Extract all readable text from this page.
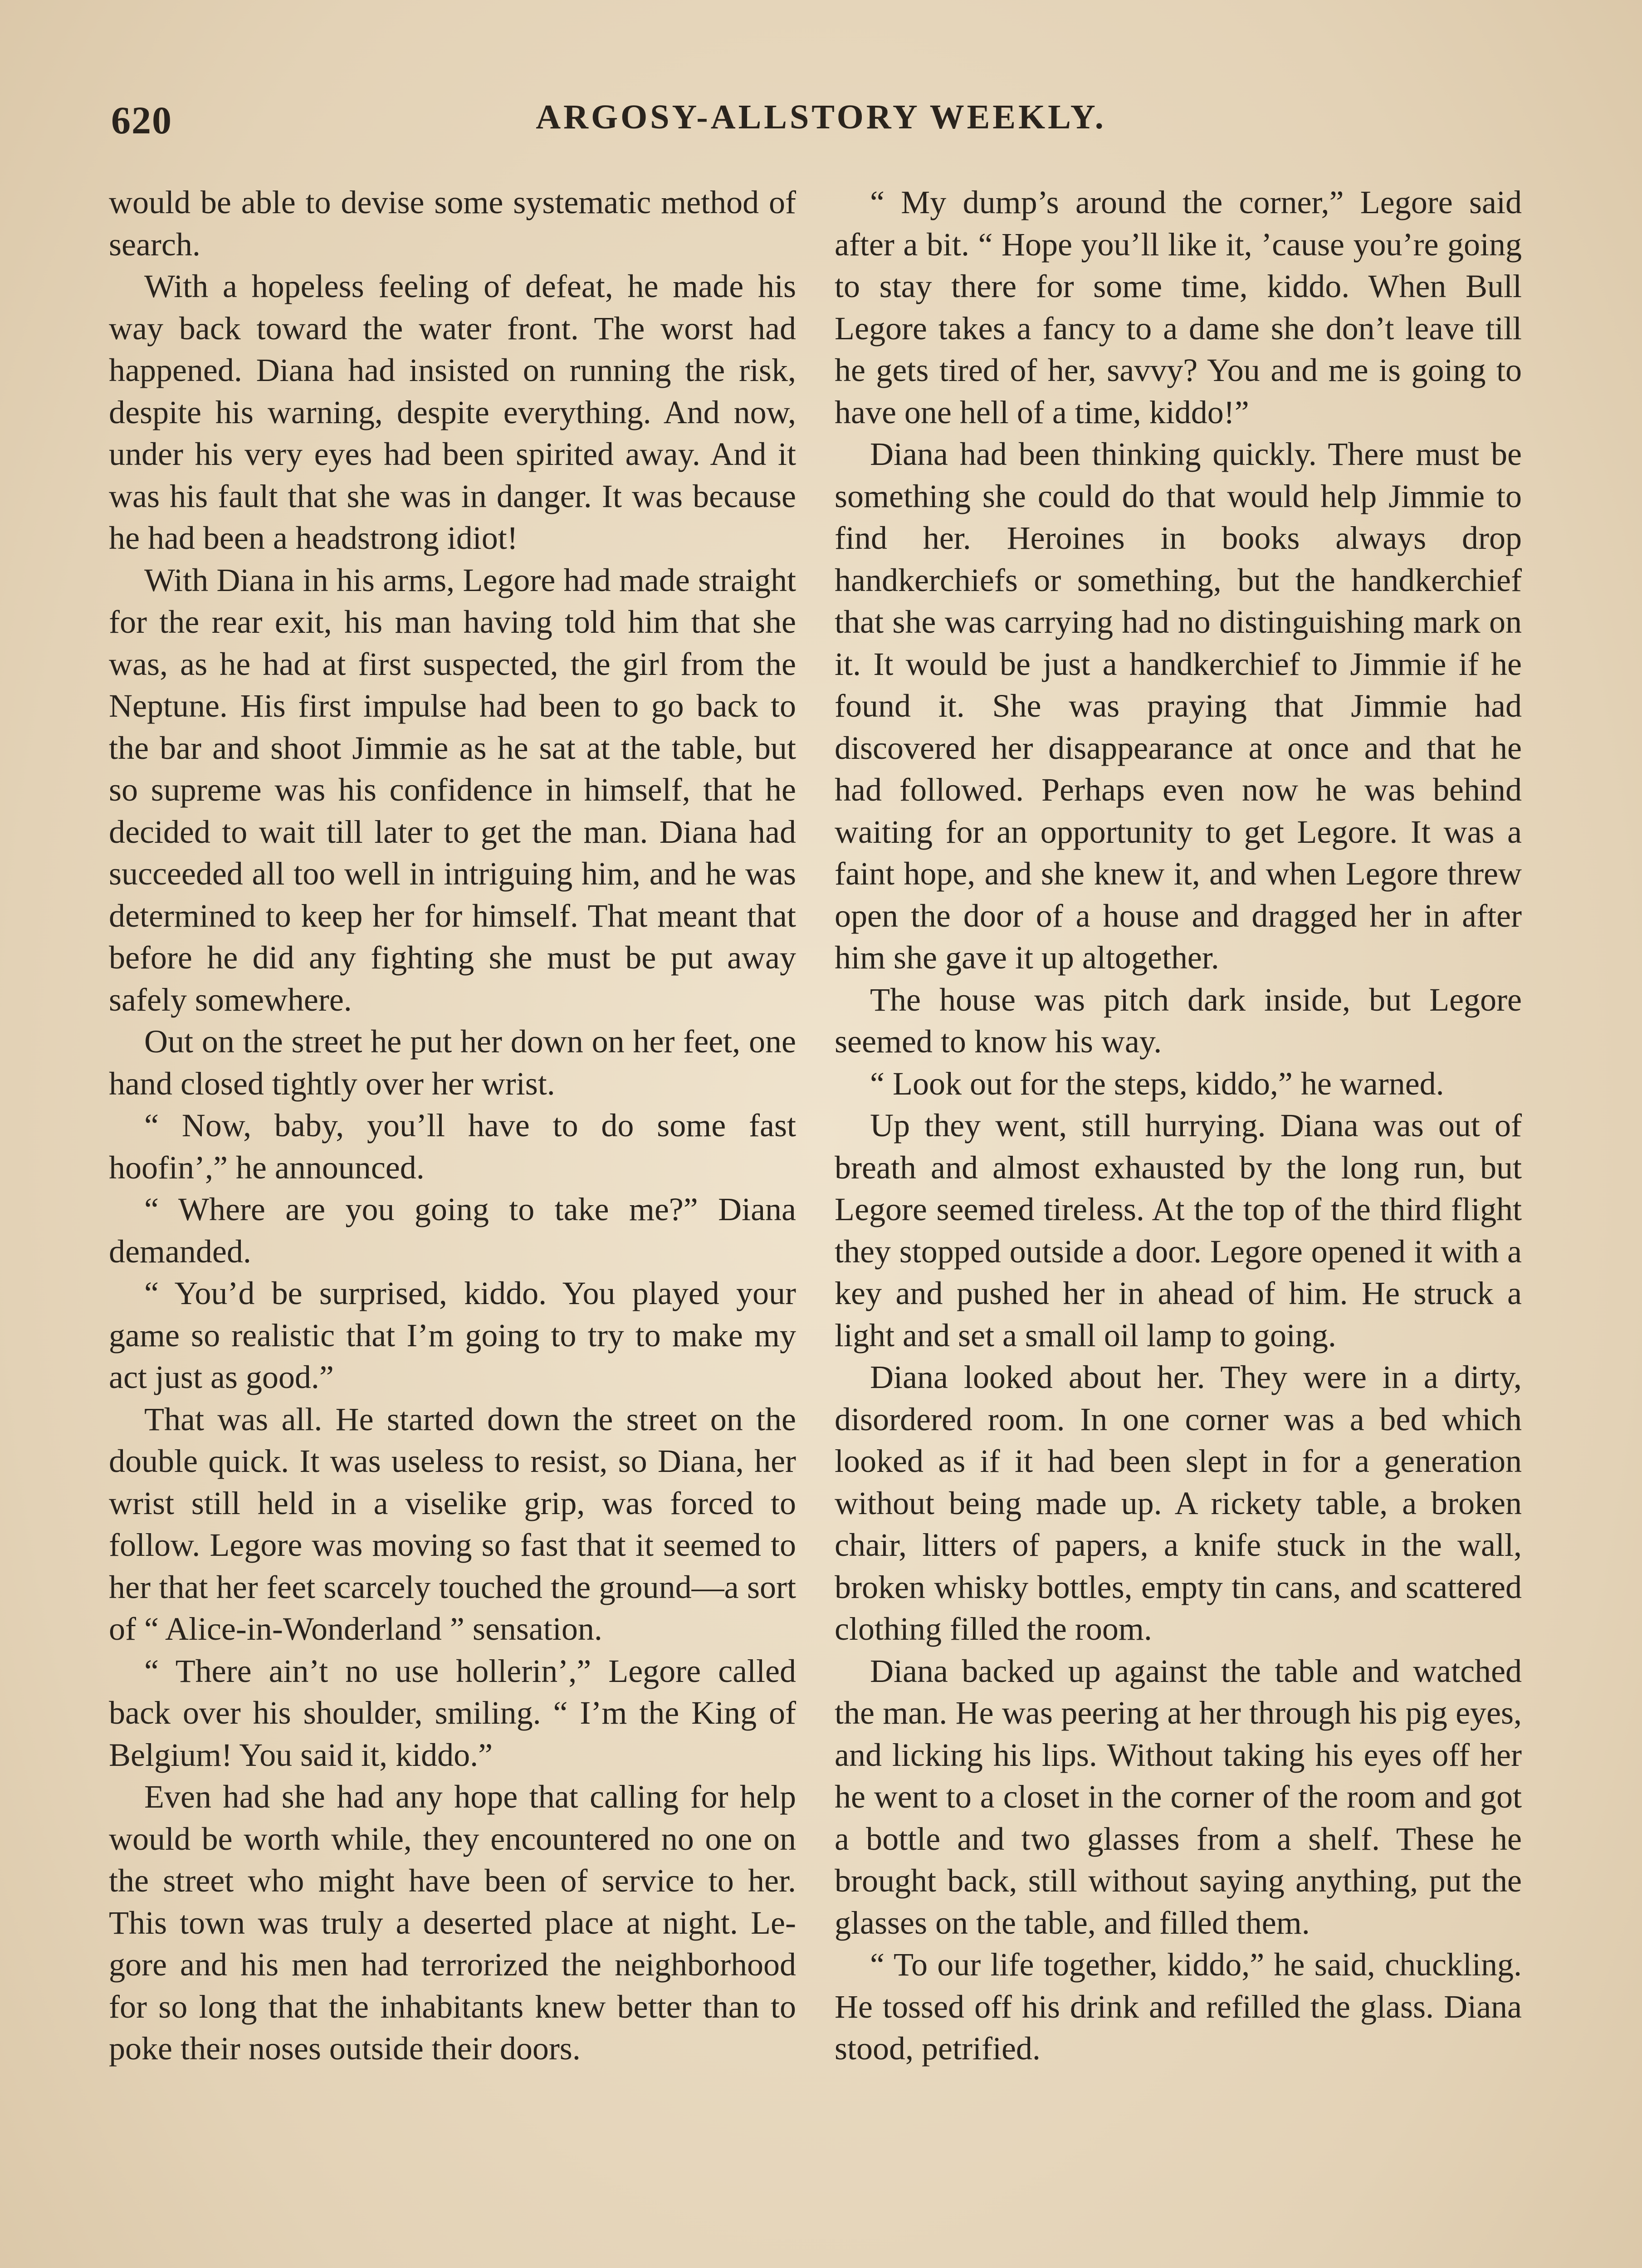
620	ARGOSY-ALLSTORY WEEKLY.

would be able to devise some systematic method of search.

With a hopeless feeling of defeat, he made his way back toward the water front. The worst had happened. Diana had insisted on running the risk, despite his warning, despite everything. And now, under his very eyes had been spirited away. And it was his fault that she was in danger. It was because he had been a headstrong idiot!

With Diana in his arms, Legore had made straight for the rear exit, his man having told him that she was, as he had at first suspected, the girl from the Neptune. His first impulse had been to go back to the bar and shoot Jimmie as he sat at the table, but so supreme was his confidence in himself, that he decided to wait till later to get the man. Diana had succeeded all too well in intriguing him, and he was determined to keep her for himself. That meant that before he did any fighting she must be put away safely somewhere.

Out on the street he put her down on her feet, one hand closed tightly over her wrist.

“ Now, baby, you’ll have to do some fast hoofin’,” he announced.

“ Where are you going to take me?” Diana demanded.

“ You’d be surprised, kiddo. You played your game so realistic that I’m going to try to make my act just as good.”

That was all. He started down the street on the double quick. It was useless to resist, so Diana, her wrist still held in a viselike grip, was forced to follow. Legore was moving so fast that it seemed to her that her feet scarcely touched the ground—a sort of “ Alice-in-Wonderland ” sensation.

“ There ain’t no use hollerin’,” Legore called back over his shoulder, smiling. “ I’m the King of Belgium! You said it, kiddo.”

Even had she had any hope that calling for help would be worth while, they encountered no one on the street who might have been of service to her. This town was truly a deserted place at night. Legore and his men had terrorized the neighborhood for so long that the inhabitants knew better than to poke their noses outside their doors.

“ My dump’s around the corner,” Legore said after a bit. “ Hope you’ll like it, ’cause you’re going to stay there for some time, kiddo. When Bull Legore takes a fancy to a dame she don’t leave till he gets tired of her, savvy? You and me is going to have one hell of a time, kiddo!”

Diana had been thinking quickly. There must be something she could do that would help Jimmie to find her. Heroines in books always drop handkerchiefs or something, but the handkerchief that she was carrying had no distinguishing mark on it. It would be just a handkerchief to Jimmie if he found it. She was praying that Jimmie had discovered her disappearance at once and that he had followed. Perhaps even now he was behind waiting for an opportunity to get Legore. It was a faint hope, and she knew it, and when Legore threw open the door of a house and dragged her in after him she gave it up altogether.

The house was pitch dark inside, but Legore seemed to know his way.

“ Look out for the steps, kiddo,” he warned.

Up they went, still hurrying. Diana was out of breath and almost exhausted by the long run, but Legore seemed tireless. At the top of the third flight they stopped outside a door. Legore opened it with a key and pushed her in ahead of him. He struck a light and set a small oil lamp to going.

Diana looked about her. They were in a dirty, disordered room. In one corner was a bed which looked as if it had been slept in for a generation without being made up. A rickety table, a broken chair, litters of papers, a knife stuck in the wall, broken whisky bottles, empty tin cans, and scattered clothing filled the room.

Diana backed up against the table and watched the man. He was peering at her through his pig eyes, and licking his lips. Without taking his eyes off her he went to a closet in the corner of the room and got a bottle and two glasses from a shelf. These he brought back, still without saying anything, put the glasses on the table, and filled them.

“ To our life together, kiddo,” he said, chuckling. He tossed off his drink and refilled the glass. Diana stood, petrified.
